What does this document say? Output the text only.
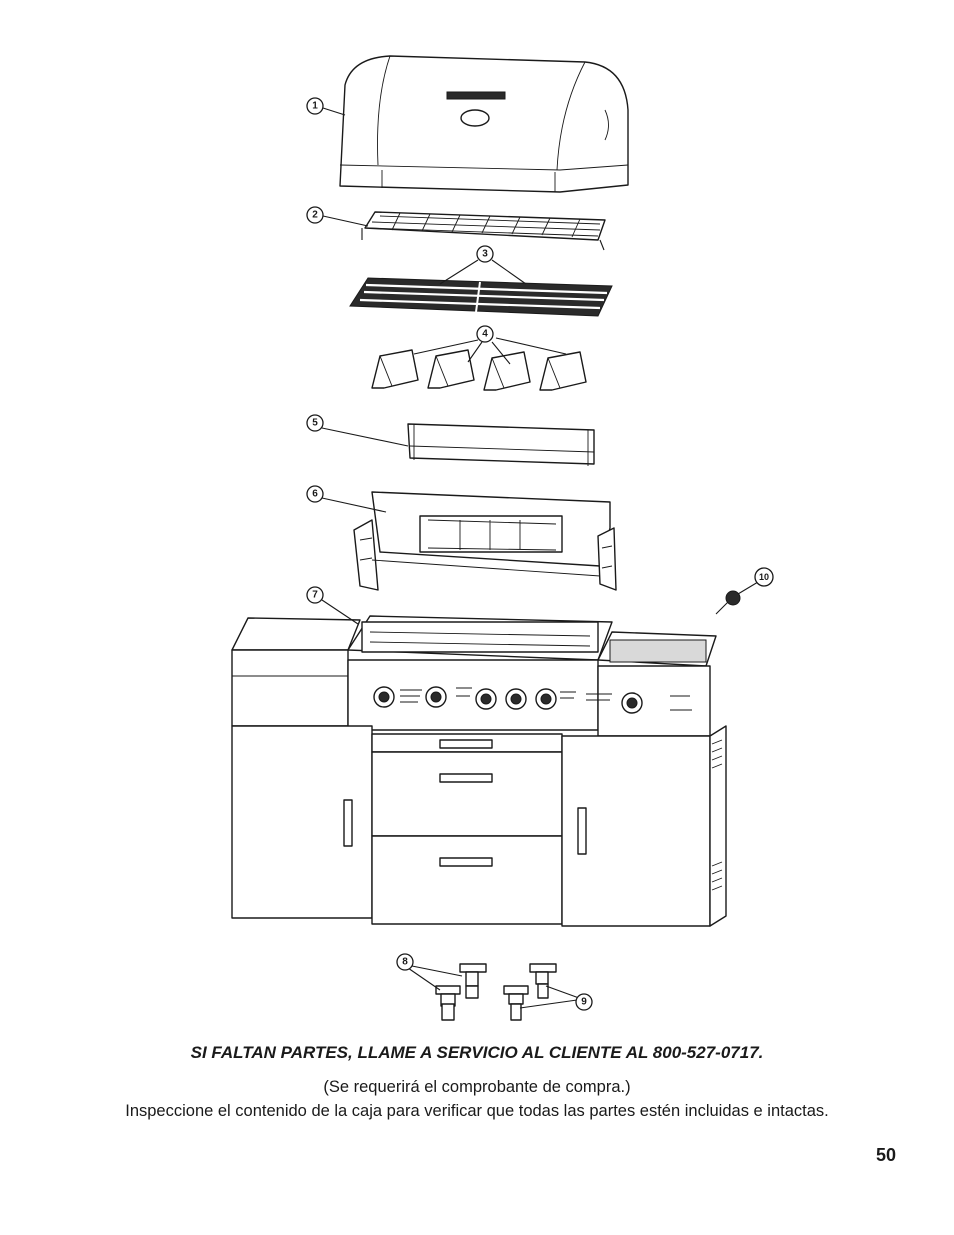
1
2
3
4
5
6
7
8
9
10

SI FALTAN PARTES, LLAME A SERVICIO AL CLIENTE AL 800-527-0717.

(Se requerirá el comprobante de compra.)

Inspeccione el contenido de la caja para verificar que todas las partes estén incluidas e intactas.

50
